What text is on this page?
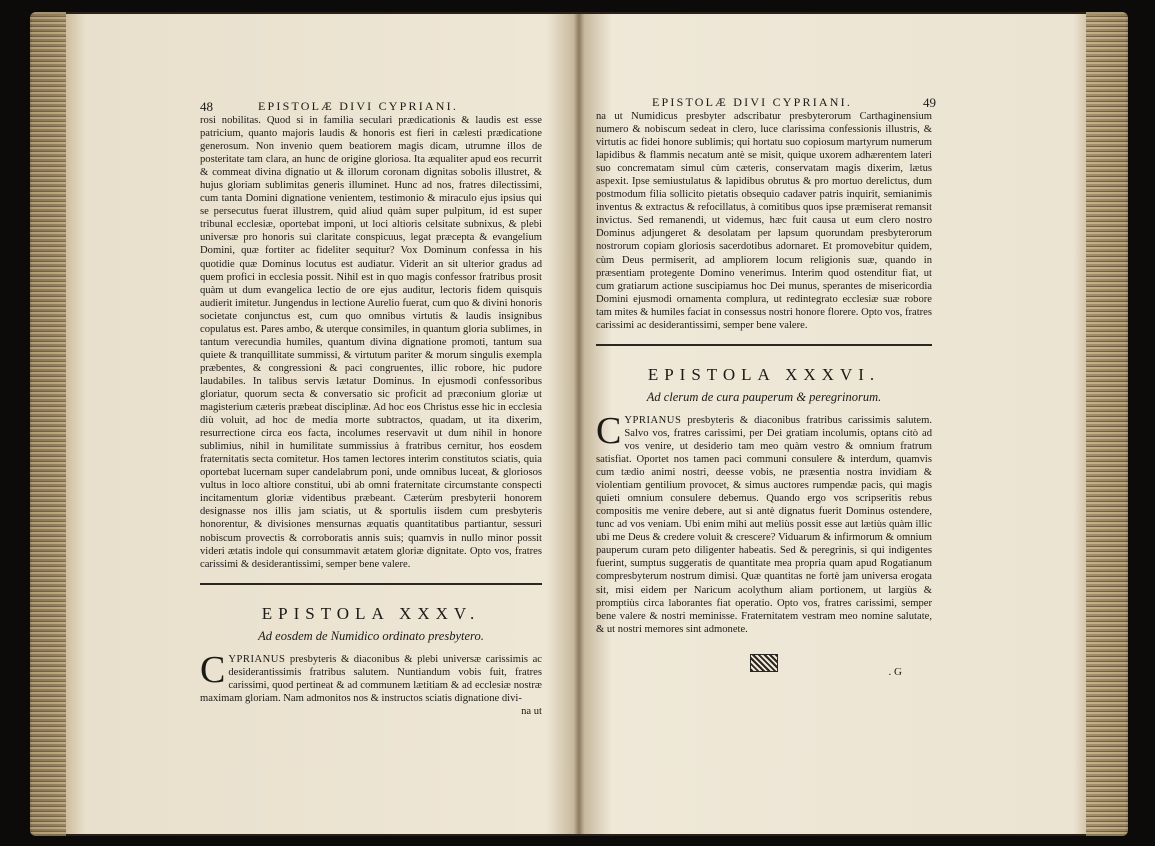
48	EPISTOLÆ DIVI CYPRIANI.
rosi nobilitas. Quod si in familia seculari prædicationis & laudis est esse patricium, quanto majoris laudis & honoris est fieri in cælesti prædicatione generosum. Non invenio quem beatiorem magis dicam, utrumne illos de posteritate tam clara, an hunc de origine gloriosa. Ita æqualiter apud eos recurrit & commeat divina dignatio ut & illorum coronam dignitas sobolis illustret, & hujus gloriam sublimitas generis illuminet. Hunc ad nos, fratres dilectissimi, cum tanta Domini dignatione venientem, testimonio & miraculo ejus ipsius qui se persecutus fuerat illustrem, quid aliud quàm super pulpitum, id est super tribunal ecclesiæ, oportebat imponi, ut loci altioris celsitate subnixus, & plebi universæ pro honoris sui claritate conspicuus, legat præcepta & evangelium Domini, quæ fortiter ac fideliter sequitur? Vox Dominum confessa in his quotidie quæ Dominus locutus est audiatur. Viderit an sit ulterior gradus ad quem profici in ecclesia possit. Nihil est in quo magis confessor fratribus prosit quàm ut dum evangelica lectio de ore ejus auditur, lectoris fidem quisquis audierit imitetur. Jungendus in lectione Aurelio fuerat, cum quo & divini honoris societate conjunctus est, cum quo omnibus virtutis & laudis insignibus copulatus est. Pares ambo, & uterque consimiles, in quantum gloria sublimes, in tantum verecundia humiles, quantum divina dignatione promoti, tantum sua quiete & tranquillitate summissi, & virtutum pariter & morum singulis exempla præbentes, & congressioni & paci congruentes, illic robore, hic pudore laudabiles. In talibus servis lætatur Dominus. In ejusmodi confessoribus gloriatur, quorum secta & conversatio sic proficit ad præconium gloriæ ut magisterium cæteris præbeat disciplinæ. Ad hoc eos Christus esse hic in ecclesia diù voluit, ad hoc de media morte subtractos, quadam, ut ita dixerim, resurrectione circa eos facta, incolumes reservavit ut dum nihil in honore sublimius, nihil in humilitate summissius à fratribus cernitur, hos eosdem fraternitatis secta comitetur. Hos tamen lectores interim constitutos sciatis, quia oportebat lucernam super candelabrum poni, unde omnibus luceat, & gloriosos vultus in loco altiore constitui, ubi ab omni fraternitate circumstante conspecti incitamentum gloriæ videntibus præbeant. Cæterùm presbyterii honorem designasse nos illis jam sciatis, ut & sportulis iisdem cum presbyteris honorentur, & divisiones mensurnas æquatis quantitatibus partiantur, sessuri nobiscum provectis & corroboratis annis suis; quamvis in nullo minor possit videri ætatis indole qui consummavit ætatem gloriæ dignitate. Opto vos, fratres carissimi & desiderantissimi, semper bene valere.
EPISTOLA XXXV.
Ad eosdem de Numidico ordinato presbytero.
CYPRIANUS presbyteris & diaconibus & plebi universæ carissimis ac desiderantissimis fratribus salutem. Nuntiandum vobis fuit, fratres carissimi, quod pertineat & ad communem lætitiam & ad ecclesiæ nostræ maximam gloriam. Nam admonitos nos & instructos sciatis dignatione divi-
na ut
EPISTOLÆ DIVI CYPRIANI.	49
na ut Numidicus presbyter adscribatur presbyterorum Carthaginensium numero & nobiscum sedeat in clero, luce clarissima confessionis illustris, & virtutis ac fidei honore sublimis; qui hortatu suo copiosum martyrum numerum lapidibus & flammis necatum antè se misit, quique uxorem adhærentem lateri suo concrematam simul cùm cæteris, conservatam magis dixerim, lætus aspexit. Ipse semiustulatus & lapidibus obrutus & pro mortuo derelictus, dum postmodum filia sollicito pietatis obsequio cadaver patris inquirit, semianimis inventus & extractus & refocillatus, à comitibus quos ipse præmiserat remansit invictus. Sed remanendi, ut videmus, hæc fuit causa ut eum clero nostro Dominus adjungeret & desolatam per lapsum quorundam presbyterorum nostrorum copiam gloriosis sacerdotibus adornaret. Et promovebitur quidem, cùm Deus permiserit, ad ampliorem locum religionis suæ, quando in præsentiam protegente Domino venerimus. Interim quod ostenditur fiat, ut cum gratiarum actione suscipiamus hoc Dei munus, sperantes de misericordia Domini ejusmodi ornamenta complura, ut redintegrato ecclesiæ suæ robore tam mites & humiles faciat in consessus nostri honore florere. Opto vos, fratres carissimi ac desiderantissimi, semper bene valere.
EPISTOLA XXXVI.
Ad clerum de cura pauperum & peregrinorum.
CYPRIANUS presbyteris & diaconibus fratribus carissimis salutem. Salvo vos, fratres carissimi, per Dei gratiam incolumis, optans citò ad vos venire, ut desiderio tam meo quàm vestro & omnium fratrum satisfiat. Oportet nos tamen paci communi consulere & interdum, quamvis cum tædio animi nostri, deesse vobis, ne præsentia nostra invidiam & violentiam gentilium provocet, & simus auctores rumpendæ pacis, qui magis quieti omnium consulere debemus. Quando ergo vos scripseritis rebus compositis me venire debere, aut si antè dignatus fuerit Dominus ostendere, tunc ad vos veniam. Ubi enim mihi aut meliùs possit esse aut lætiùs quàm illic ubi me Deus & credere voluit & crescere? Viduarum & infirmorum & omnium pauperum curam peto diligenter habeatis. Sed & peregrinis, si qui indigentes fuerint, sumptus suggeratis de quantitate mea propria quam apud Rogatianum compresbyterum nostrum dimisi. Quæ quantitas ne fortè jam universa erogata sit, misi eidem per Naricum acolythum aliam portionem, ut largiùs & promptiùs circa laborantes fiat operatio. Opto vos, fratres carissimi, semper bene valere & nostri meminisse. Fraternitatem vestram meo nomine salutate, & ut nostri memores sint admonete.
. G
